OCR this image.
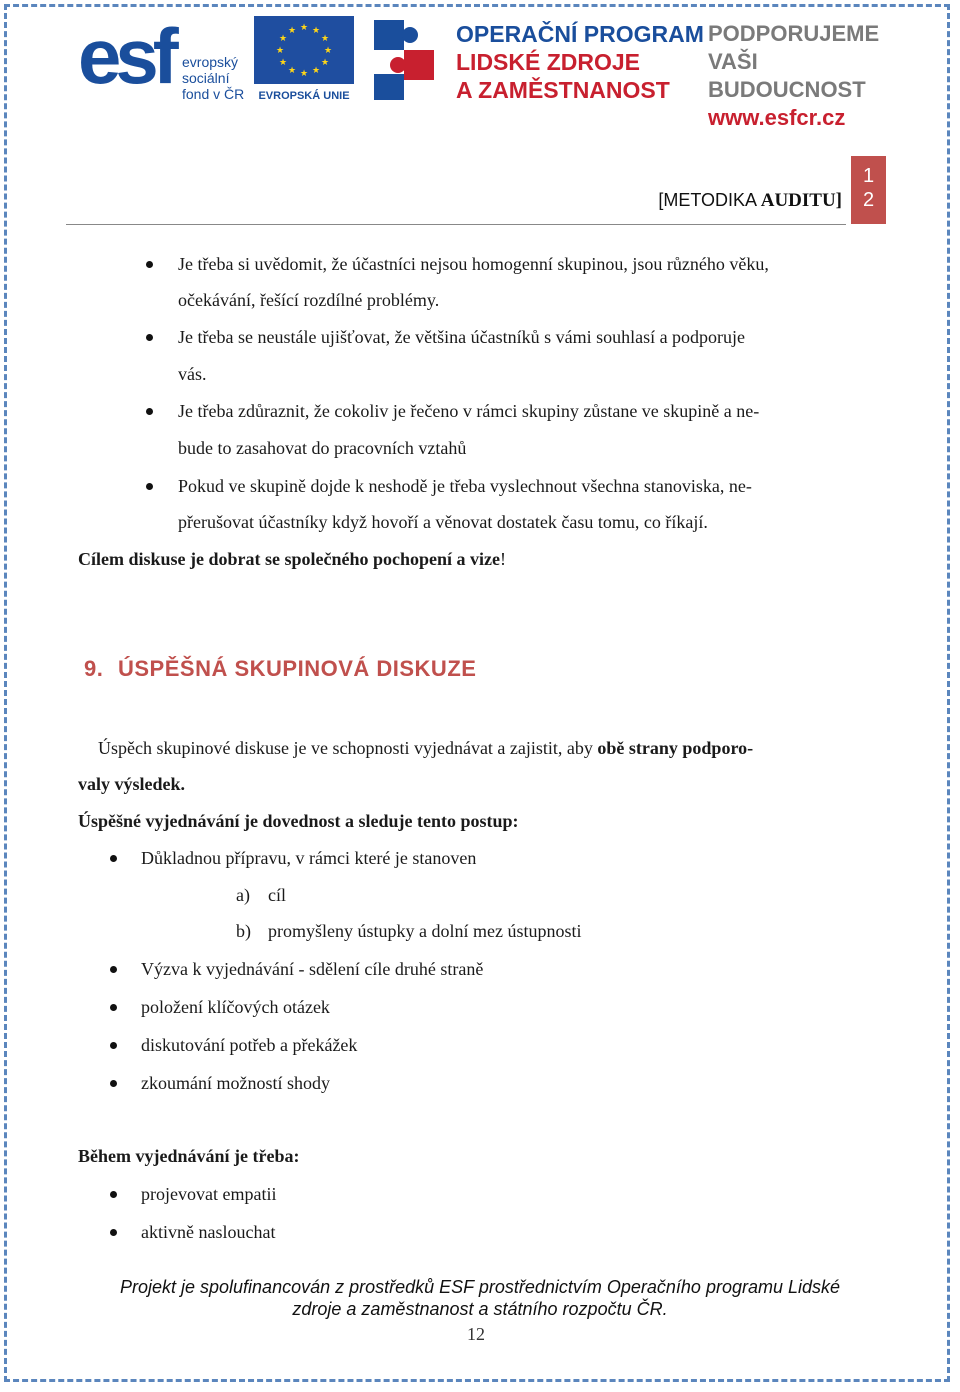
esf evropský
sociální
fond v ČR
★ ★
★
★
★
★
★
★
★
★
★
★
EVROPSKÁ UNIE
OPERAČNÍ PROGRAM
LIDSKÉ ZDROJE
A ZAMĚSTNANOST
PODPORUJEME
VAŠI BUDOUCNOST
www.esfcr.cz
[METODIKA AUDITU]
1
2
Je třeba si uvědomit, že účastníci nejsou homogenní skupinou, jsou různého věku,
očekávání, řešící rozdílné problémy.
Je třeba se neustále ujišťovat, že většina účastníků s vámi souhlasí a podporuje
vás.
Je třeba zdůraznit, že cokoliv je řečeno v rámci skupiny zůstane ve skupině a ne-
bude to zasahovat do pracovních vztahů
Pokud ve skupině dojde k neshodě je třeba vyslechnout všechna stanoviska, ne-
přerušovat účastníky když hovoří a věnovat dostatek času tomu, co říkají.
Cílem diskuse je dobrat se společného pochopení a vize!
9. ÚSPĚŠNÁ SKUPINOVÁ DISKUZE
Úspěch skupinové diskuse je ve schopnosti vyjednávat a zajistit, aby obě strany podporo-
valy výsledek.
Úspěšné vyjednávání je dovednost a sleduje tento postup:
Důkladnou přípravu, v rámci které je stanoven
a) cíl
b) promyšleny ústupky a dolní mez ústupnosti
Výzva k vyjednávání - sdělení cíle druhé straně
položení klíčových otázek
diskutování potřeb a překážek
zkoumání možností shody
Během vyjednávání je třeba:
projevovat empatii
aktivně naslouchat
Projekt je spolufinancován z prostředků ESF prostřednictvím Operačního programu Lidské
zdroje a zaměstnanost a státního rozpočtu ČR.
12
